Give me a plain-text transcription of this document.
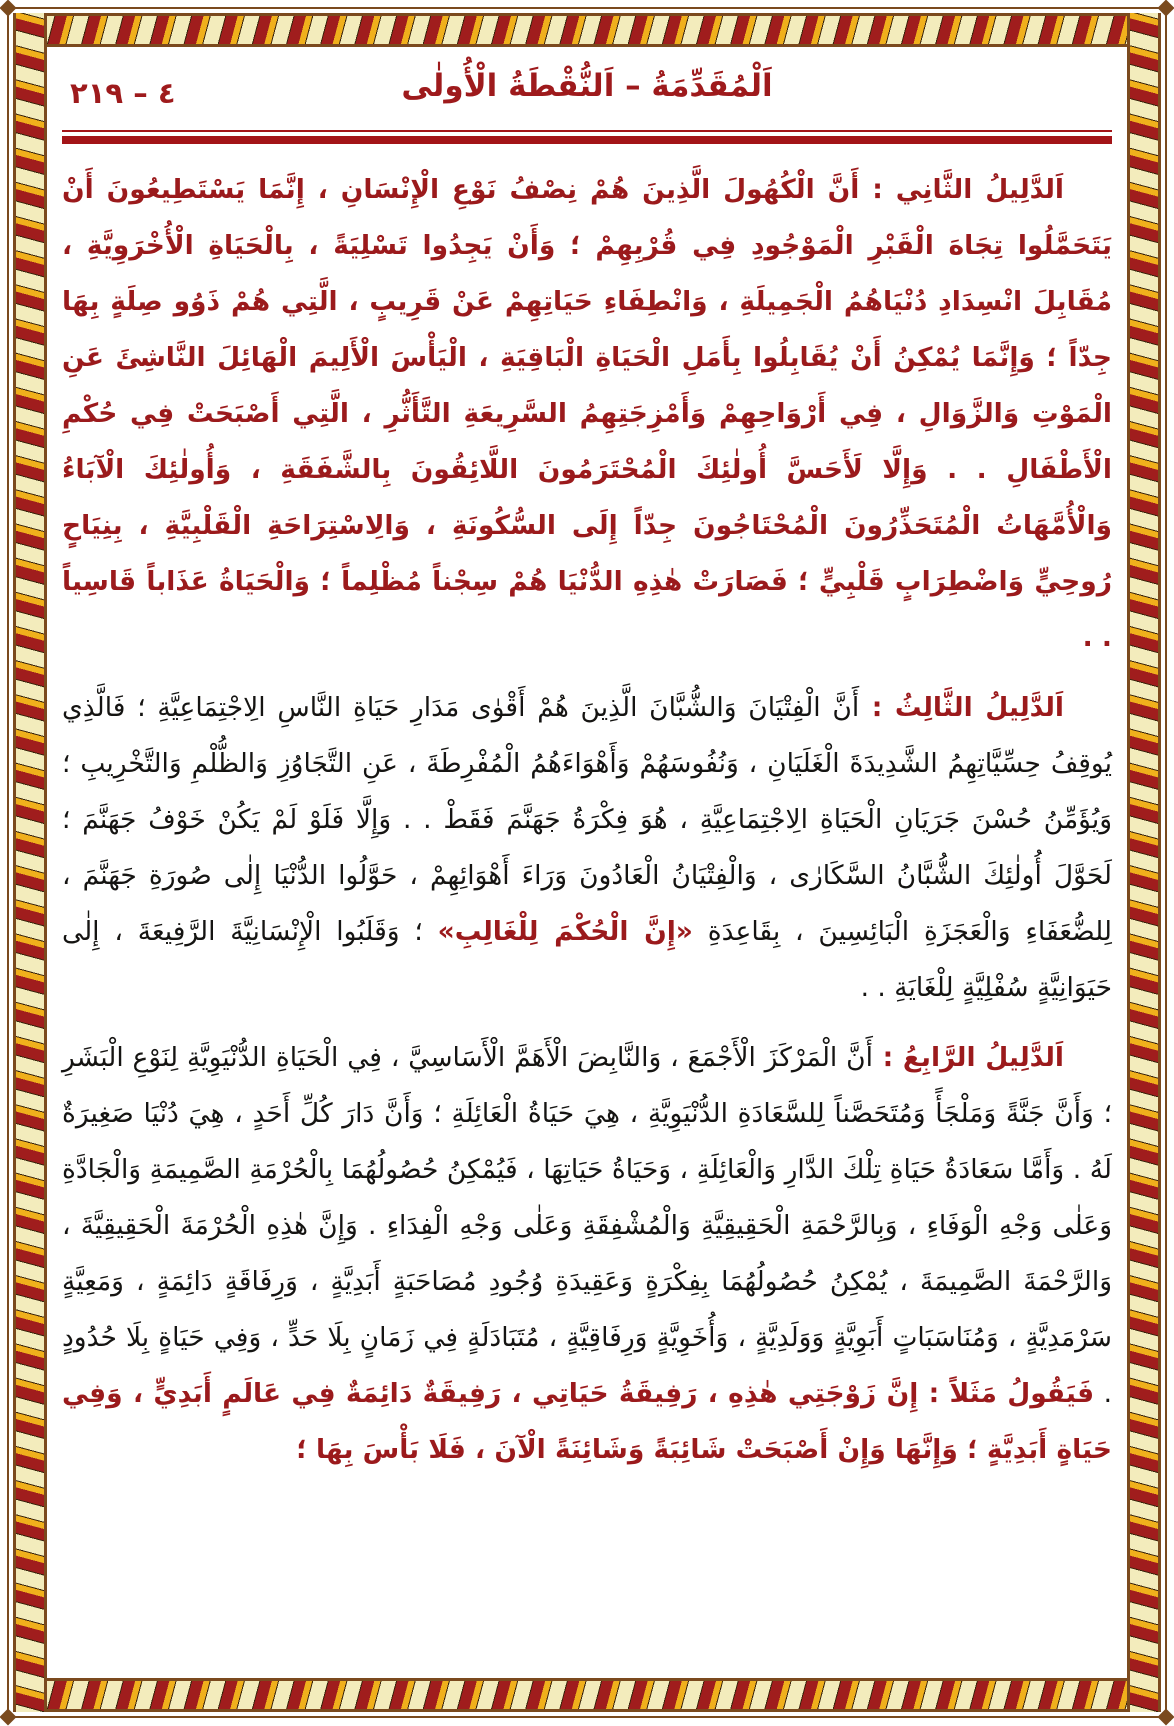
٤ – ٢١٩	اَلْمُقَدِّمَةُ – اَلنُّقْطَةُ الْأُولٰى

اَلدَّلِيلُ الثَّانِي : أَنَّ الْكُهُولَ الَّذِينَ هُمْ نِصْفُ نَوْعِ الْإِنْسَانِ ، إِنَّمَا يَسْتَطِيعُونَ أَنْ يَتَحَمَّلُوا تِجَاهَ الْقَبْرِ الْمَوْجُودِ فِي قُرْبِهِمْ ؛ وَأَنْ يَجِدُوا تَسْلِيَةً ، بِالْحَيَاةِ الْأُخْرَوِيَّةِ ، مُقَابِلَ انْسِدَادِ دُنْيَاهُمُ الْجَمِيلَةِ ، وَانْطِفَاءِ حَيَاتِهِمْ عَنْ قَرِيبٍ ، الَّتِي هُمْ ذَوُو صِلَةٍ بِهَا جِدّاً ؛ وَإِنَّمَا يُمْكِنُ أَنْ يُقَابِلُوا بِأَمَلِ الْحَيَاةِ الْبَاقِيَةِ ، الْيَأْسَ الْأَلِيمَ الْهَائِلَ النَّاشِئَ عَنِ الْمَوْتِ وَالزَّوَالِ ، فِي أَرْوَاحِهِمْ وَأَمْزِجَتِهِمُ السَّرِيعَةِ التَّأَثُّرِ ، الَّتِي أَصْبَحَتْ فِي حُكْمِ الْأَطْفَالِ . . وَإِلَّا لَأَحَسَّ أُولٰئِكَ الْمُحْتَرَمُونَ اللَّائِقُونَ بِالشَّفَقَةِ ، وَأُولٰئِكَ الْآبَاءُ وَالْأُمَّهَاتُ الْمُتَحَذِّرُونَ الْمُحْتَاجُونَ جِدّاً إِلَى السُّكُونَةِ ، وَالِاسْتِرَاحَةِ الْقَلْبِيَّةِ ، بِنِيَاحٍ رُوحِيٍّ وَاضْطِرَابٍ قَلْبِيٍّ ؛ فَصَارَتْ هٰذِهِ الدُّنْيَا هُمْ سِجْناً مُظْلِماً ؛ وَالْحَيَاةُ عَذَاباً قَاسِياً . .

اَلدَّلِيلُ الثَّالِثُ : أَنَّ الْفِتْيَانَ وَالشُّبَّانَ الَّذِينَ هُمْ أَقْوٰى مَدَارِ حَيَاةِ النَّاسِ الِاجْتِمَاعِيَّةِ ؛ فَالَّذِي يُوقِفُ حِسِّيَّاتِهِمُ الشَّدِيدَةَ الْغَلَيَانِ ، وَنُفُوسَهُمْ وَأَهْوَاءَهُمُ الْمُفْرِطَةَ ، عَنِ التَّجَاوُزِ وَالظُّلْمِ وَالتَّخْرِيبِ ؛ وَيُؤَمِّنُ حُسْنَ جَرَيَانِ الْحَيَاةِ الِاجْتِمَاعِيَّةِ ، هُوَ فِكْرَةُ جَهَنَّمَ فَقَطْ . . وَإِلَّا فَلَوْ لَمْ يَكُنْ خَوْفُ جَهَنَّمَ ؛ لَحَوَّلَ أُولٰئِكَ الشُّبَّانُ السَّكَارٰى ، وَالْفِتْيَانُ الْعَادُونَ وَرَاءَ أَهْوَائِهِمْ ، حَوَّلُوا الدُّنْيَا إِلٰى صُورَةِ جَهَنَّمَ ، لِلضُّعَفَاءِ وَالْعَجَزَةِ الْبَائِسِينَ ، بِقَاعِدَةِ «إِنَّ الْحُكْمَ لِلْغَالِبِ» ؛ وَقَلَبُوا الْإِنْسَانِيَّةَ الرَّفِيعَةَ ، إِلٰى حَيَوَانِيَّةٍ سُفْلِيَّةٍ لِلْغَايَةِ . .

اَلدَّلِيلُ الرَّابِعُ : أَنَّ الْمَرْكَزَ الْأَجْمَعَ ، وَالنَّابِضَ الْأَهَمَّ الْأَسَاسِيَّ ، فِي الْحَيَاةِ الدُّنْيَوِيَّةِ لِنَوْعِ الْبَشَرِ ؛ وَأَنَّ جَنَّةً وَمَلْجَأً وَمُتَحَصَّناً لِلسَّعَادَةِ الدُّنْيَوِيَّةِ ، هِيَ حَيَاةُ الْعَائِلَةِ ؛ وَأَنَّ دَارَ كُلِّ أَحَدٍ ، هِيَ دُنْيَا صَغِيرَةٌ لَهُ . وَأَمَّا سَعَادَةُ حَيَاةِ تِلْكَ الدَّارِ وَالْعَائِلَةِ ، وَحَيَاةُ حَيَاتِهَا ، فَيُمْكِنُ حُصُولُهُمَا بِالْحُرْمَةِ الصَّمِيمَةِ وَالْجَادَّةِ وَعَلٰى وَجْهِ الْوَفَاءِ ، وَبِالرَّحْمَةِ الْحَقِيقِيَّةِ وَالْمُشْفِقَةِ وَعَلٰى وَجْهِ الْفِدَاءِ . وَإِنَّ هٰذِهِ الْحُرْمَةَ الْحَقِيقِيَّةَ ، وَالرَّحْمَةَ الصَّمِيمَةَ ، يُمْكِنُ حُصُولُهُمَا بِفِكْرَةٍ وَعَقِيدَةِ وُجُودِ مُصَاحَبَةٍ أَبَدِيَّةٍ ، وَرِفَاقَةٍ دَائِمَةٍ ، وَمَعِيَّةٍ سَرْمَدِيَّةٍ ، وَمُنَاسَبَاتٍ أَبَوِيَّةٍ وَوَلَدِيَّةٍ ، وَأُخَوِيَّةٍ وَرِفَاقِيَّةٍ ، مُتَبَادَلَةٍ فِي زَمَانٍ بِلَا حَدٍّ ، وَفِي حَيَاةٍ بِلَا حُدُودٍ . فَيَقُولُ مَثَلاً : إِنَّ زَوْجَتِي هٰذِهِ ، رَفِيقَةُ حَيَاتِي ، رَفِيقَةٌ دَائِمَةٌ فِي عَالَمٍ أَبَدِيٍّ ، وَفِي حَيَاةٍ أَبَدِيَّةٍ ؛ وَإِنَّهَا وَإِنْ أَصْبَحَتْ شَائِبَةً وَشَائِنَةً الْآنَ ، فَلَا بَأْسَ بِهَا ؛
